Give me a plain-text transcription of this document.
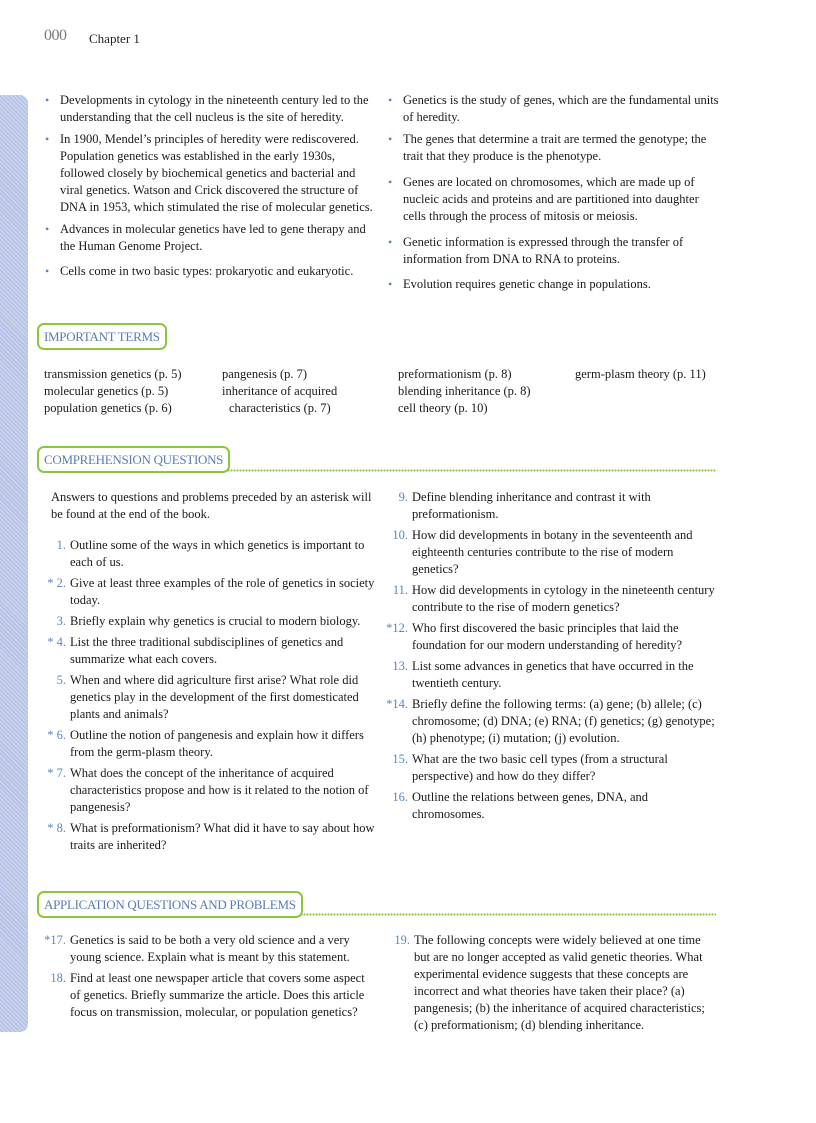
000 Chapter 1
• Developments in cytology in the nineteenth century led to the understanding that the cell nucleus is the site of heredity.
• In 1900, Mendel’s principles of heredity were rediscovered. Population genetics was established in the early 1930s, followed closely by biochemical genetics and bacterial and viral genetics. Watson and Crick discovered the structure of DNA in 1953, which stimulated the rise of molecular genetics.
• Advances in molecular genetics have led to gene therapy and the Human Genome Project.
• Cells come in two basic types: prokaryotic and eukaryotic.
• Genetics is the study of genes, which are the fundamental units of heredity.
• The genes that determine a trait are termed the genotype; the trait that they produce is the phenotype.
• Genes are located on chromosomes, which are made up of nucleic acids and proteins and are partitioned into daughter cells through the process of mitosis or meiosis.
• Genetic information is expressed through the transfer of information from DNA to RNA to proteins.
• Evolution requires genetic change in populations.
IMPORTANT TERMS
transmission genetics (p. 5)
molecular genetics (p. 5)
population genetics (p. 6)
pangenesis (p. 7)
inheritance of acquired
characteristics (p. 7)
preformationism (p. 8)
blending inheritance (p. 8)
cell theory (p. 10)
germ-plasm theory (p. 11)
COMPREHENSION QUESTIONS
Answers to questions and problems preceded by an asterisk will be found at the end of the book.
1. Outline some of the ways in which genetics is important to each of us.
* 2. Give at least three examples of the role of genetics in society today.
3. Briefly explain why genetics is crucial to modern biology.
* 4. List the three traditional subdisciplines of genetics and summarize what each covers.
5. When and where did agriculture first arise? What role did genetics play in the development of the first domesticated plants and animals?
* 6. Outline the notion of pangenesis and explain how it differs from the germ-plasm theory.
* 7. What does the concept of the inheritance of acquired characteristics propose and how is it related to the notion of pangenesis?
* 8. What is preformationism? What did it have to say about how traits are inherited?
9. Define blending inheritance and contrast it with preformationism.
10. How did developments in botany in the seventeenth and eighteenth centuries contribute to the rise of modern genetics?
11. How did developments in cytology in the nineteenth century contribute to the rise of modern genetics?
*12. Who first discovered the basic principles that laid the foundation for our modern understanding of heredity?
13. List some advances in genetics that have occurred in the twentieth century.
*14. Briefly define the following terms: (a) gene; (b) allele; (c) chromosome; (d) DNA; (e) RNA; (f) genetics; (g) genotype; (h) phenotype; (i) mutation; (j) evolution.
15. What are the two basic cell types (from a structural perspective) and how do they differ?
16. Outline the relations between genes, DNA, and chromosomes.
APPLICATION QUESTIONS AND PROBLEMS
*17. Genetics is said to be both a very old science and a very young science. Explain what is meant by this statement.
18. Find at least one newspaper article that covers some aspect of genetics. Briefly summarize the article. Does this article focus on transmission, molecular, or population genetics?
19. The following concepts were widely believed at one time but are no longer accepted as valid genetic theories. What experimental evidence suggests that these concepts are incorrect and what theories have taken their place? (a) pangenesis; (b) the inheritance of acquired characteristics; (c) preformationism; (d) blending inheritance.
